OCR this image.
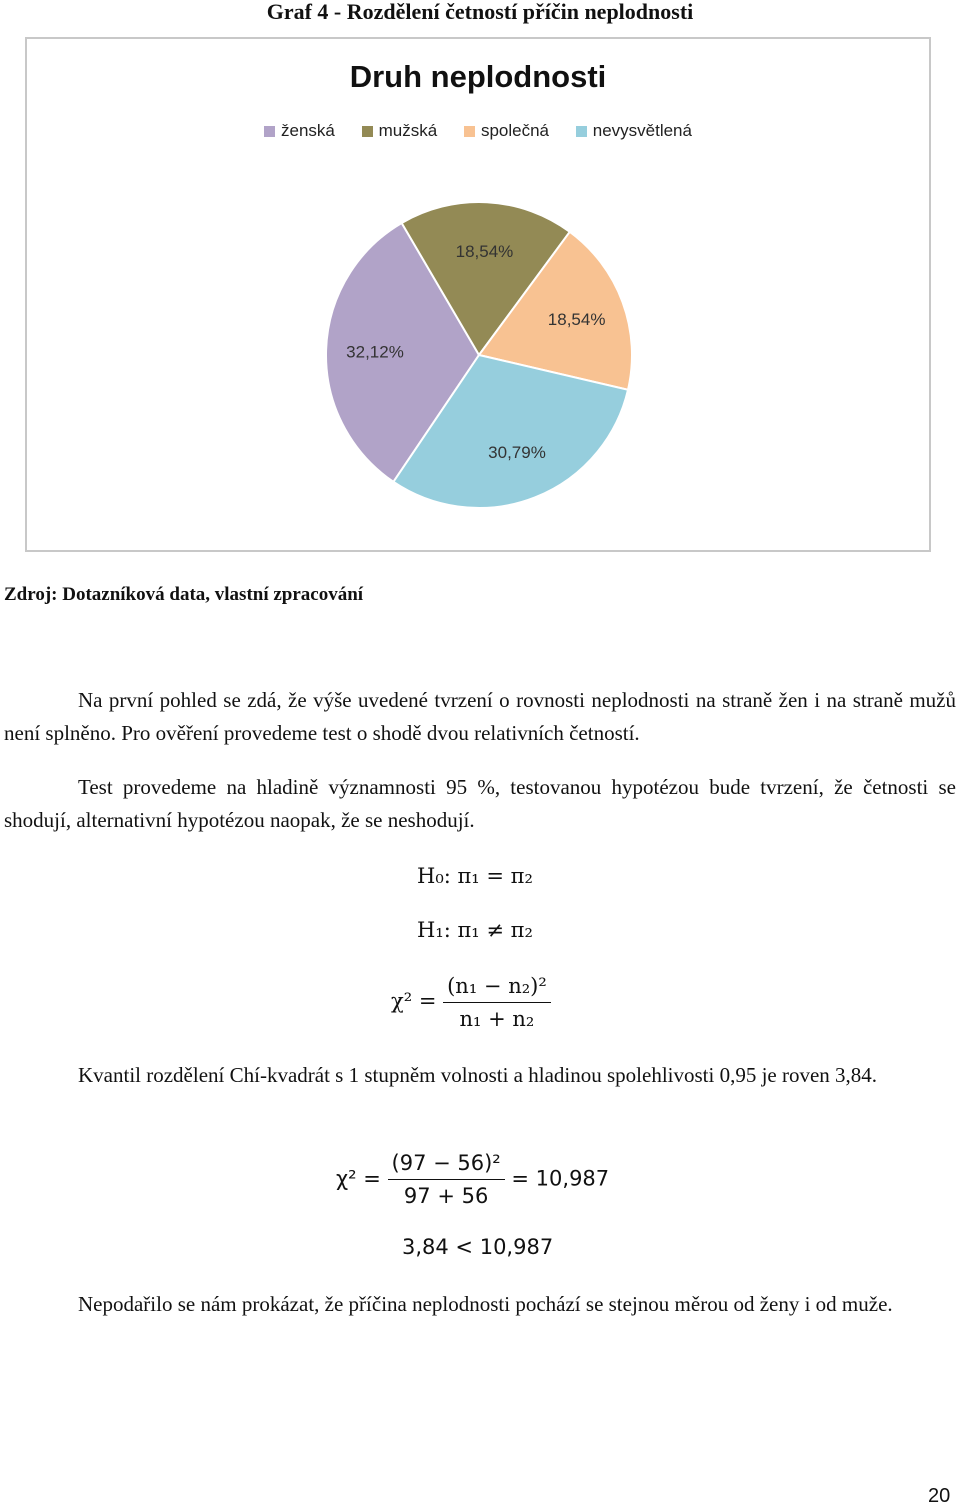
Graf 4 - Rozdělení četností příčin neplodnosti
Druh neplodnosti
ženská
	mužská
	společná
	nevysvětlená
32,12%
18,54%
18,54%
30,79%
Zdroj: Dotazníková data, vlastní zpracování
Na první pohled se zdá, že výše uvedené tvrzení o rovnosti neplodnosti na straně žen i na straně mužů není splněno. Pro ověření provedeme test o shodě dvou relativních četností.
Test provedeme na hladině významnosti 95 %, testovanou hypotézou bude tvrzení, že četnosti se shodují, alternativní hypotézou naopak, že se neshodují.
H₀: π₁ = π₂
H₁: π₁ ≠ π₂
$\chi^2 = \frac{\text{(n₁ − n₂)²}}{\text{n₁ + n₂}}$
Kvantil rozdělení Chí-kvadrát s 1 stupněm volnosti a hladinou spolehlivosti 0,95 je roven 3,84.
$\chi^2 = \frac{\text{(97 − 56)²}}{97 + 56} = 10,987$
3,84 < 10,987
Nepodařilo se nám prokázat, že příčina neplodnosti pochází se stejnou měrou od ženy i od muže.
20
